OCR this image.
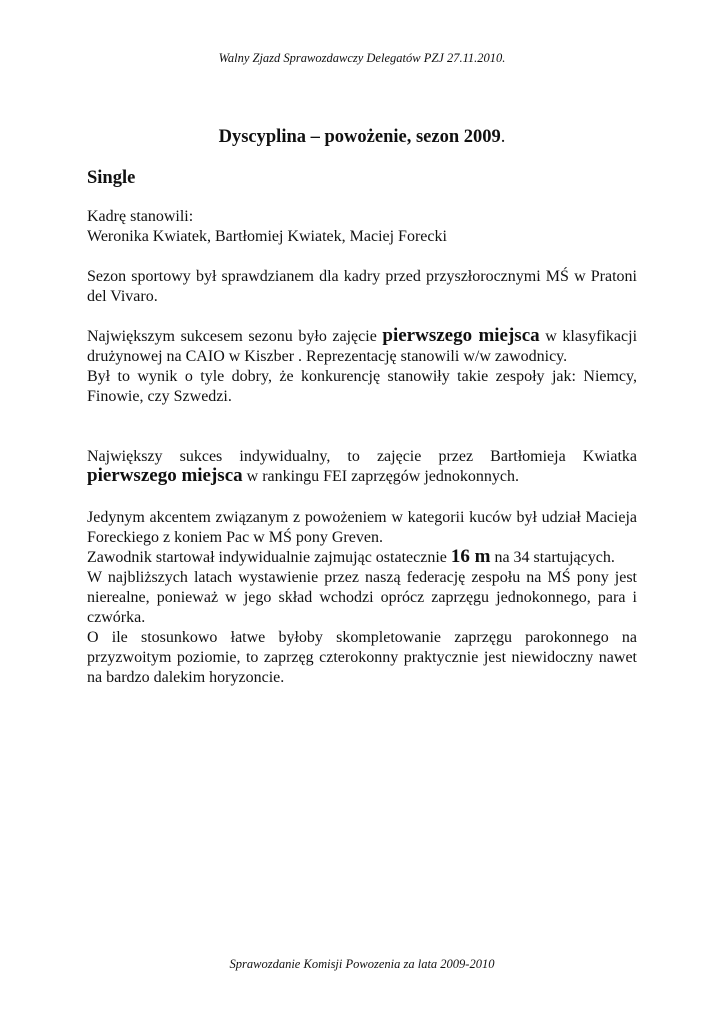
Walny Zjazd Sprawozdawczy Delegatów PZJ 27.11.2010.
Dyscyplina – powożenie, sezon 2009.
Single

Kadrę stanowili:

Weronika Kwiatek, Bartłomiej Kwiatek, Maciej Forecki

Sezon sportowy był sprawdzianem dla kadry przed przyszłorocznymi MŚ w Pratoni del Vivaro.

Największym sukcesem sezonu było zajęcie pierwszego miejsca w klasyfikacji drużynowej na CAIO w Kiszber . Reprezentację stanowili w/w zawodnicy.

Był to wynik o tyle dobry, że konkurencję stanowiły takie zespoły jak: Niemcy, Finowie, czy Szwedzi.

Największy sukces indywidualny, to zajęcie przez Bartłomieja Kwiatka pierwszego miejsca w rankingu FEI zaprzęgów jednokonnych.

Jedynym akcentem związanym z powożeniem w kategorii kuców był udział Macieja Foreckiego z koniem Pac w MŚ pony Greven.

Zawodnik startował indywidualnie zajmując ostatecznie 16 m na 34 startujących.

W najbliższych latach wystawienie przez naszą federację zespołu na MŚ pony jest nierealne, ponieważ w jego skład wchodzi oprócz zaprzęgu jednokonnego, para i czwórka.

O ile stosunkowo łatwe byłoby skompletowanie zaprzęgu parokonnego na przyzwoitym poziomie, to zaprzęg czterokonny praktycznie jest niewidoczny nawet na bardzo dalekim horyzoncie.

Sprawozdanie Komisji Powozenia za lata 2009-2010
